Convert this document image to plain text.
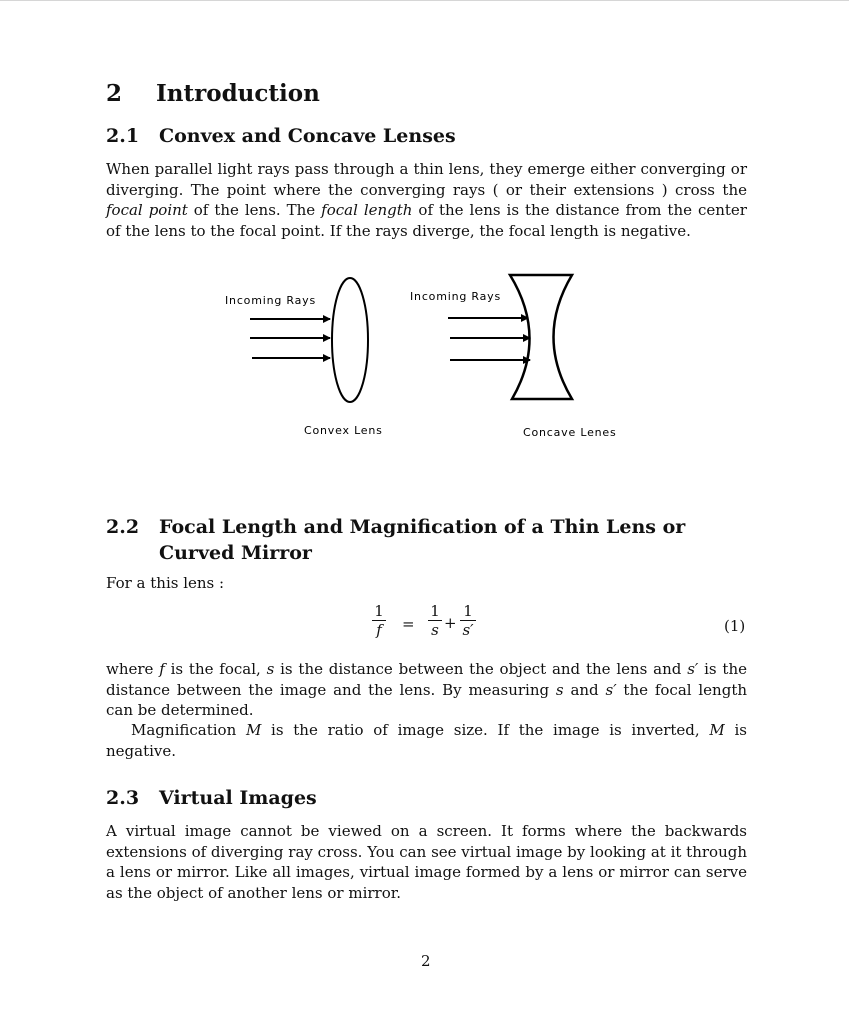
2 Introduction
2.1 Convex and Concave Lenses

When parallel light rays pass through a thin lens, they emerge either converging or diverging. The point where the converging rays ( or their extensions ) cross the focal point of the lens. The focal length of the lens is the distance from the center of the lens to the focal point. If the rays diverge, the focal length is negative.

Incoming Rays
Convex Lens
Incoming Rays
Concave Lenes
2.2	Focal Length and Magnification of a Thin Lens or Curved Mirror

For a this lens :

1
f =
1
s +
1
s′	(1)

where f is the focal, s is the distance between the object and the lens and s′ is the distance between the image and the lens. By measuring s and s′ the focal length can be determined.

Magnification M is the ratio of image size. If the image is inverted, M is negative.

2.3 Virtual Images

A virtual image cannot be viewed on a screen. It forms where the backwards extensions of diverging ray cross. You can see virtual image by looking at it through a lens or mirror. Like all images, virtual image formed by a lens or mirror can serve as the object of another lens or mirror.

2
